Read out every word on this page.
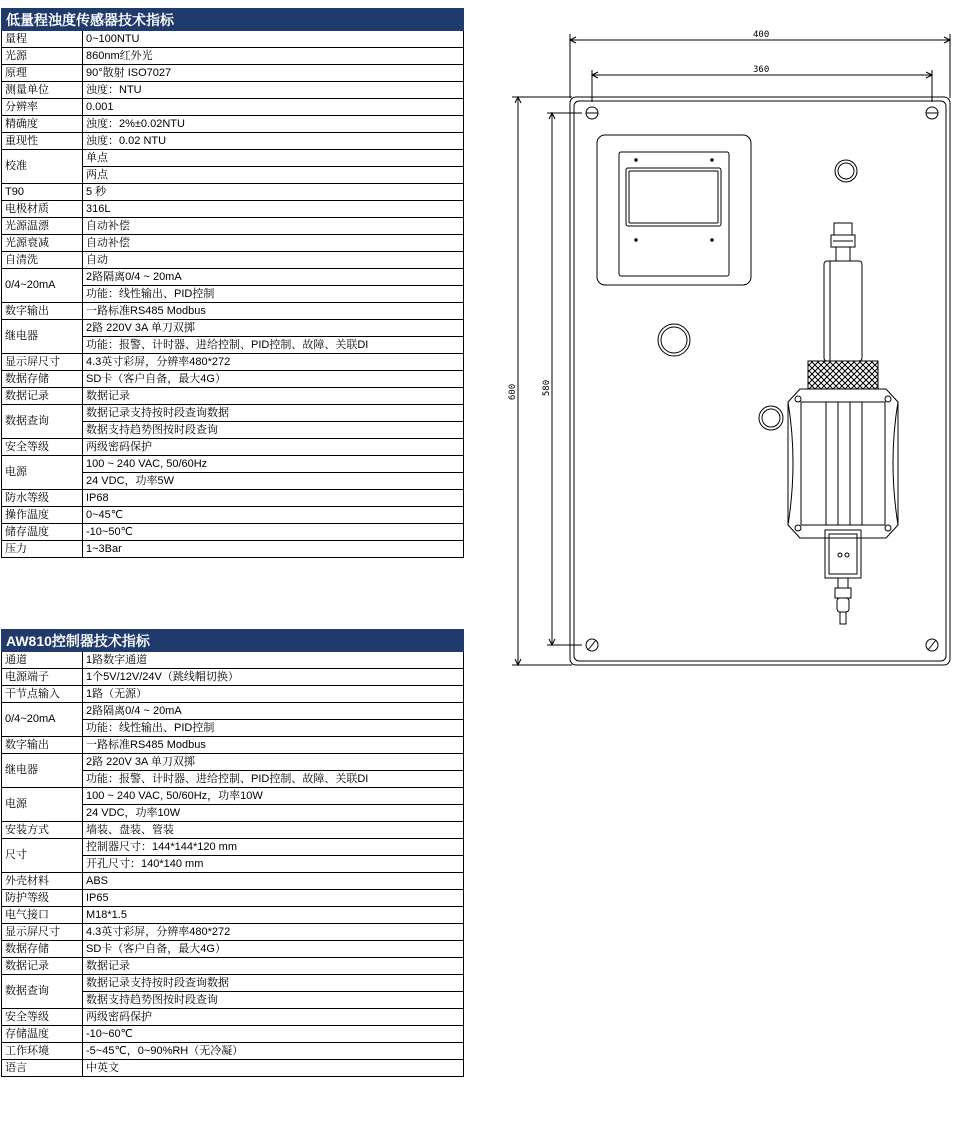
低量程浊度传感器技术指标	
量程	0~100NTU
光源	860nm红外光
原理	90°散射 ISO7027
测量单位	浊度：NTU
分辨率	0.001
精确度	浊度：2%±0.02NTU
重现性	浊度：0.02 NTU
校准	单点
	两点
T90	5 秒
电极材质	316L
光源温漂	自动补偿
光源衰减	自动补偿
自清洗	自动
0/4~20mA	2路隔离0/4 ~ 20mA
	功能：线性输出、PID控制
数字输出	一路标准RS485 Modbus
继电器	2路 220V 3A 单刀双掷
	功能：报警、计时器、进给控制、PID控制、故障、关联DI
显示屏尺寸	4.3英寸彩屏，分辨率480*272
数据存储	SD卡（客户自备，最大4G）
数据记录	数据记录
数据查询	数据记录支持按时段查询数据
	数据支持趋势图按时段查询
安全等级	两级密码保护
电源	100 ~ 240 VAC, 50/60Hz
	24 VDC，功率5W
防水等级	IP68
操作温度	0~45℃
储存温度	-10~50℃
压力	1~3Bar
AW810控制器技术指标	
通道	1路数字通道
电源端子	1个5V/12V/24V（跳线帽切换）
干节点输入	1路（无源）
0/4~20mA	2路隔离0/4 ~ 20mA
	功能：线性输出、PID控制
数字输出	一路标准RS485 Modbus
继电器	2路 220V 3A 单刀双掷
	功能：报警、计时器、进给控制、PID控制、故障、关联DI
电源	100 ~ 240 VAC, 50/60Hz，功率10W
	24 VDC，功率10W
安装方式	墙装、盘装、管装
尺寸	控制器尺寸：144*144*120 mm
	开孔尺寸：140*140 mm
外壳材料	ABS
防护等级	IP65
电气接口	M18*1.5
显示屏尺寸	4.3英寸彩屏，分辨率480*272
数据存储	SD卡（客户自备，最大4G）
数据记录	数据记录
数据查询	数据记录支持按时段查询数据
	数据支持趋势图按时段查询
安全等级	两级密码保护
存储温度	-10~60℃
工作环境	-5~45℃，0~90%RH（无冷凝）
语言	中英文
400
360
600	580
